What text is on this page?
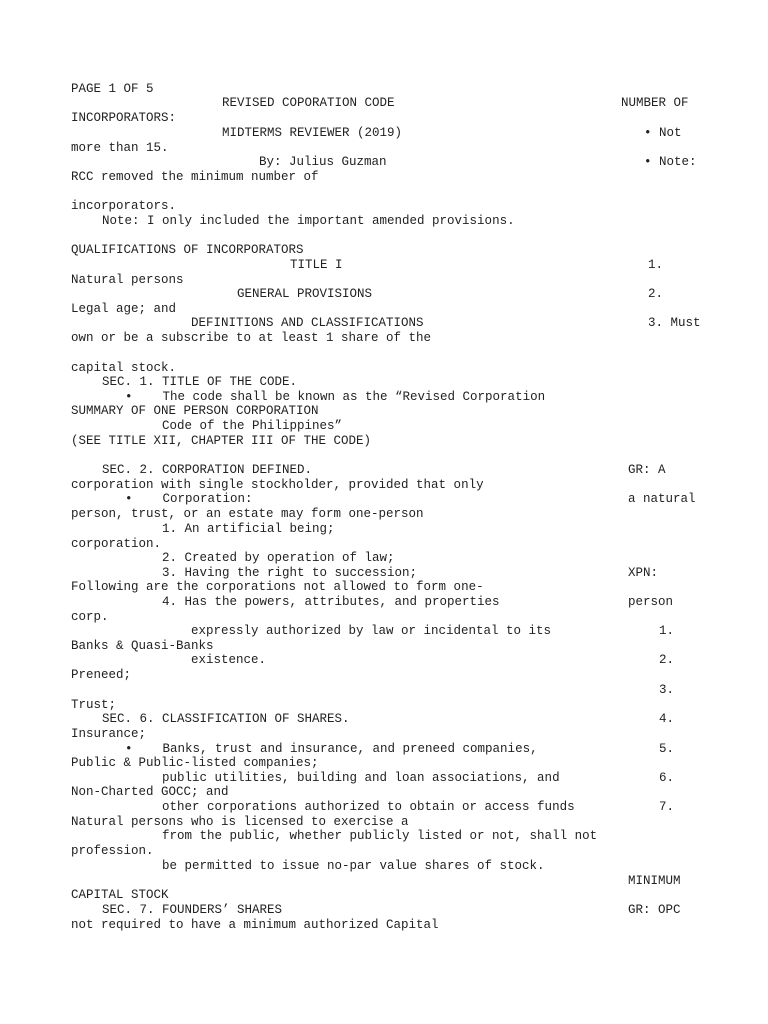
PAGE 1 OF 5
REVISED COPORATION CODE	NUMBER OF
INCORPORATORS:
MIDTERMS REVIEWER (2019)	• Not
more than 15.
By: Julius Guzman	• Note:
RCC removed the minimum number of
incorporators.
Note: I only included the important amended provisions.
QUALIFICATIONS OF INCORPORATORS
TITLE I	1.
Natural persons
GENERAL PROVISIONS	2.
Legal age; and
DEFINITIONS AND CLASSIFICATIONS	3. Must
own or be a subscribe to at least 1 share of the
capital stock.
SEC. 1. TITLE OF THE CODE.
•    The code shall be known as the “Revised Corporation
SUMMARY OF ONE PERSON CORPORATION
Code of the Philippines”
(SEE TITLE XII, CHAPTER III OF THE CODE)
SEC. 2. CORPORATION DEFINED.	GR: A
corporation with single stockholder, provided that only
•    Corporation:	a natural
person, trust, or an estate may form one-person
1. An artificial being;
corporation.
2. Created by operation of law;
3. Having the right to succession;	XPN:
Following are the corporations not allowed to form one-
4. Has the powers, attributes, and properties	person
corp.
expressly authorized by law or incidental to its	1.
Banks & Quasi-Banks
existence.	2.
Preneed;
3.
Trust;
SEC. 6. CLASSIFICATION OF SHARES.	4.
Insurance;
•    Banks, trust and insurance, and preneed companies,	5.
Public & Public-listed companies;
public utilities, building and loan associations, and	6.
Non-Charted GOCC; and
other corporations authorized to obtain or access funds	7.
Natural persons who is licensed to exercise a
from the public, whether publicly listed or not, shall not
profession.
be permitted to issue no-par value shares of stock.
MINIMUM
CAPITAL STOCK
SEC. 7. FOUNDERS’ SHARES	GR: OPC
not required to have a minimum authorized Capital
